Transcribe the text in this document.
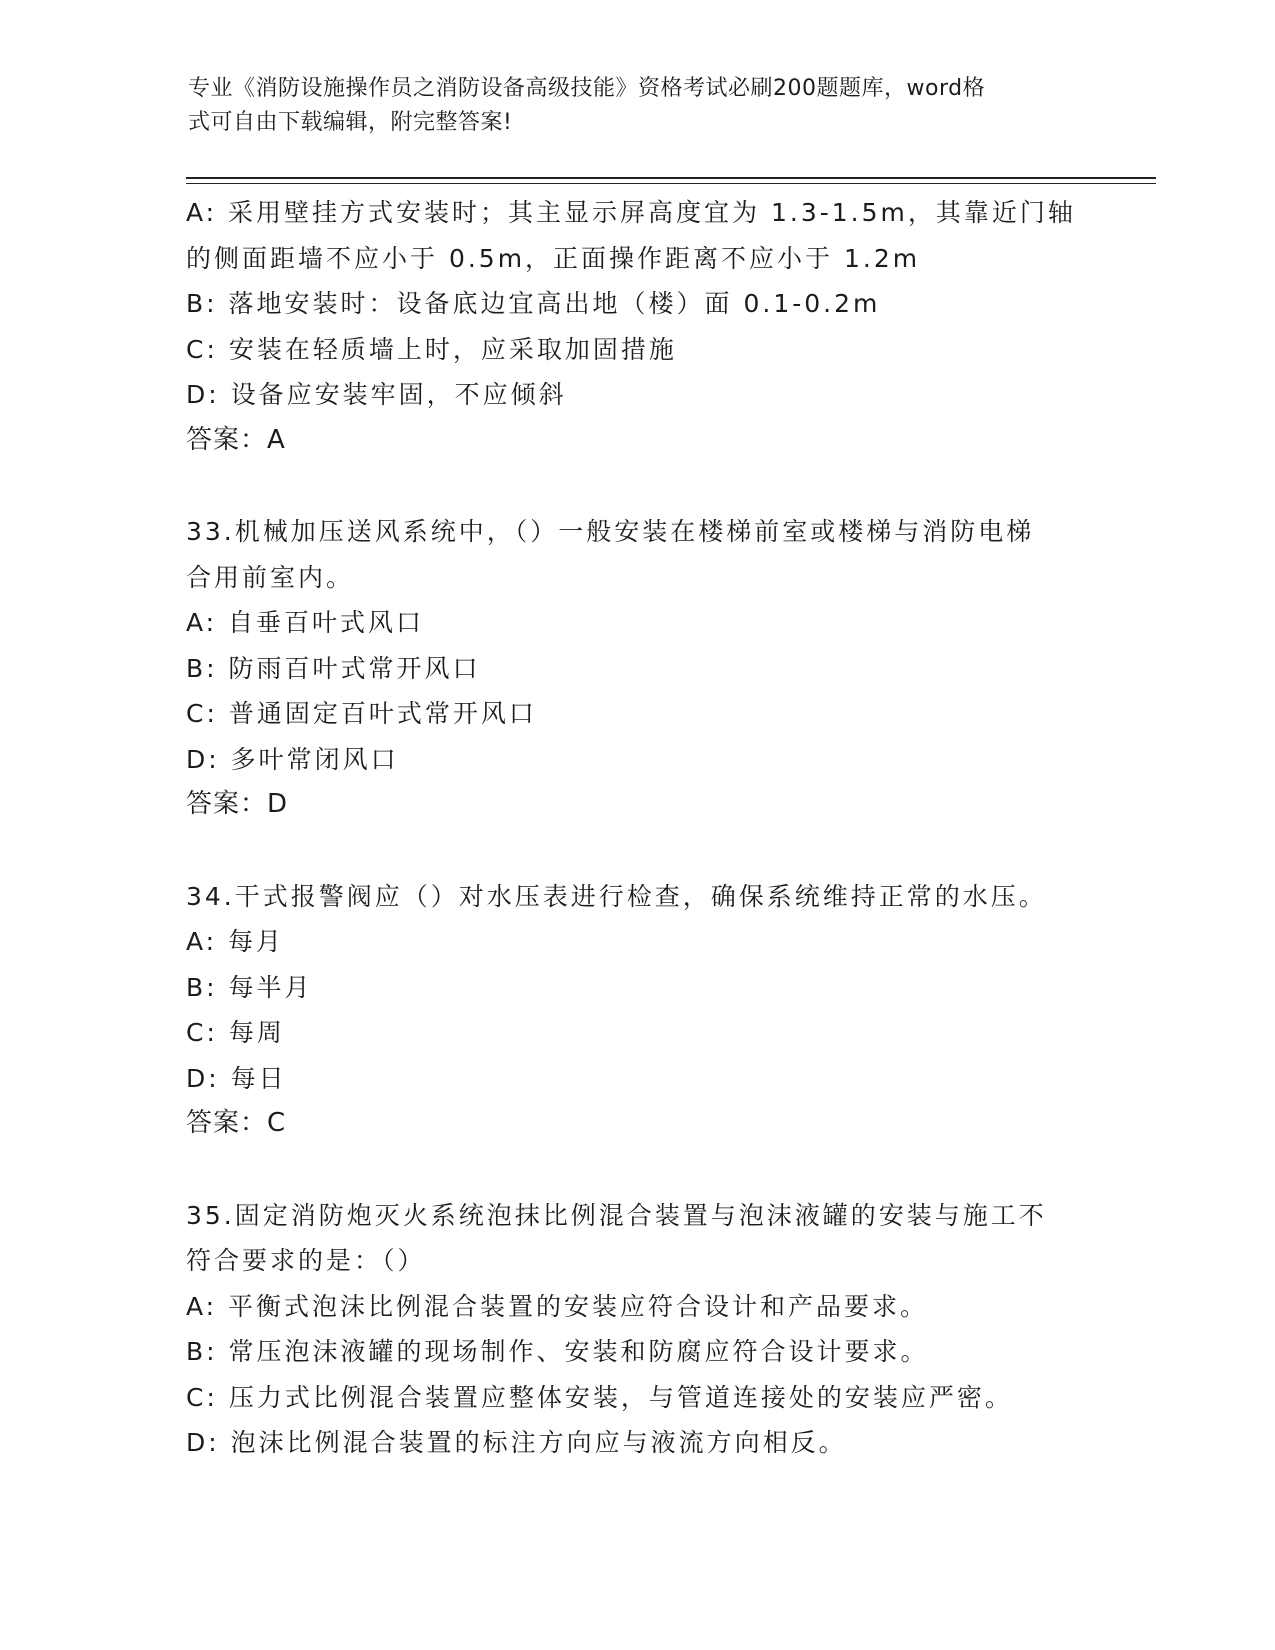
专业《消防设施操作员之消防设备高级技能》资格考试必刷200题题库，word格
式可自由下载编辑，附完整答案!
A: 采用壁挂方式安装时；其主显示屏高度宜为 1.3-1.5m，其靠近门轴
的侧面距墙不应小于 0.5m，正面操作距离不应小于 1.2m
B: 落地安装时：设备底边宜高出地（楼）面 0.1-0.2m
C: 安装在轻质墙上时，应采取加固措施
D: 设备应安装牢固，不应倾斜
答案：A
33.机械加压送风系统中，（）一般安装在楼梯前室或楼梯与消防电梯
合用前室内。
A: 自垂百叶式风口
B: 防雨百叶式常开风口
C: 普通固定百叶式常开风口
D: 多叶常闭风口
答案：D
34.干式报警阀应（）对水压表进行检查，确保系统维持正常的水压。
A: 每月
B: 每半月
C: 每周
D: 每日
答案：C
35.固定消防炮灭火系统泡抹比例混合装置与泡沫液罐的安装与施工不
符合要求的是：（）
A: 平衡式泡沫比例混合装置的安装应符合设计和产品要求。
B: 常压泡沫液罐的现场制作、安装和防腐应符合设计要求。
C: 压力式比例混合装置应整体安装，与管道连接处的安装应严密。
D: 泡沫比例混合装置的标注方向应与液流方向相反。
